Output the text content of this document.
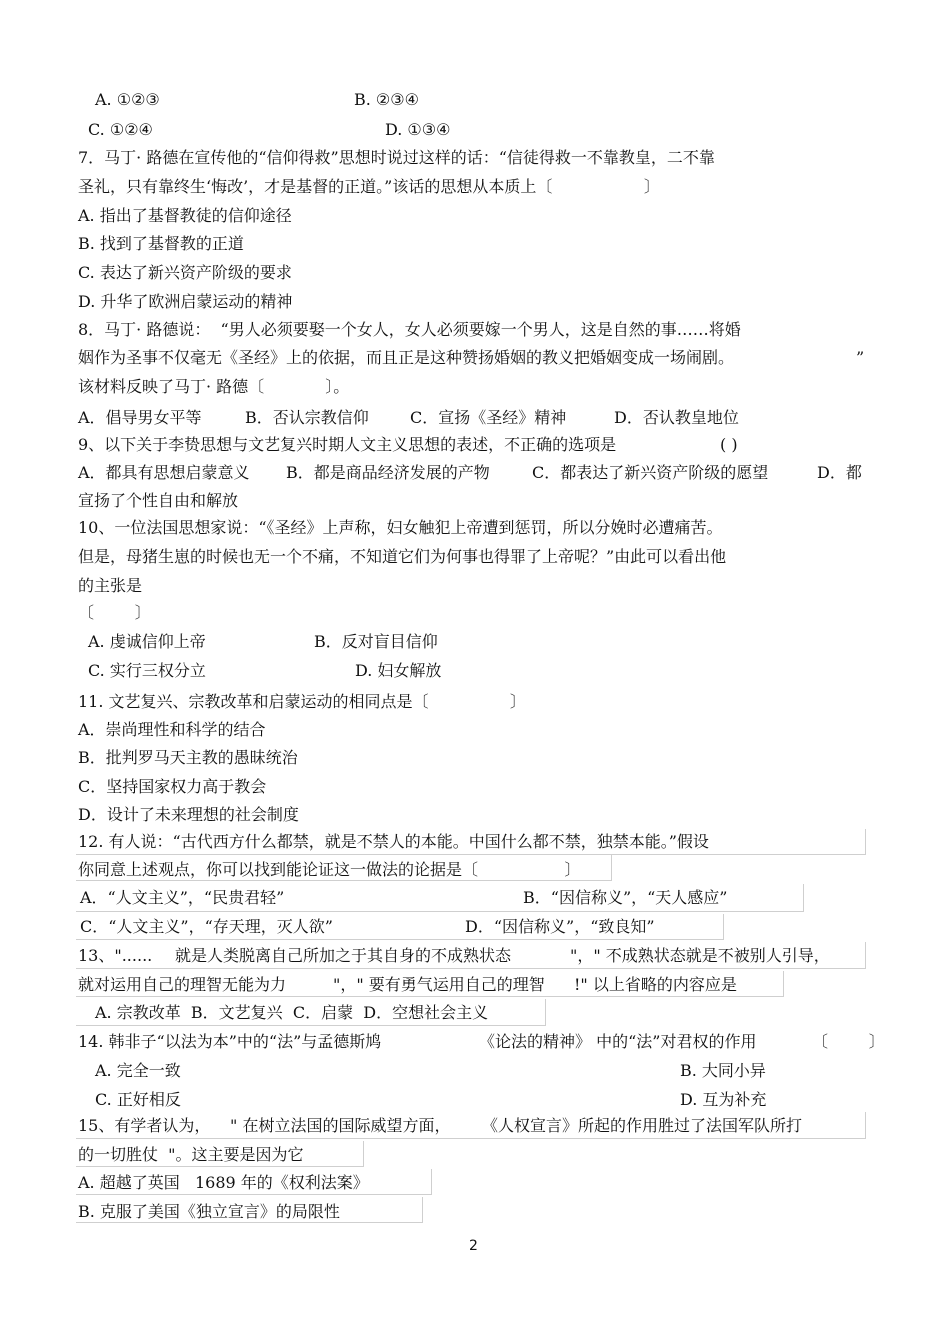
A. ①②③	B. ②③④
C. ①②④	D. ①③④
7．马丁· 路德在宣传他的“信仰得救”思想时说过这样的话：“信徒得救一不靠教皇，二不靠
圣礼，只有靠终生‘悔改’，才是基督的正道。”该话的思想从本质上〔                  〕
A. 指出了基督教徒的信仰途径
B. 找到了基督教的正道
C. 表达了新兴资产阶级的要求
D. 升华了欧洲启蒙运动的精神
8．马丁· 路德说：  “男人必须要娶一个女人，女人必须要嫁一个男人，这是自然的事……将婚
姻作为圣事不仅毫无《圣经》上的依据，而且正是这种赞扬婚姻的教义把婚姻变成一场闹剧。	”
该材料反映了马丁· 路德〔            〕。
A．倡导男女平等	B．否认宗教信仰	C．宣扬《圣经》精神	D．否认教皇地位
9、以下关于李贽思想与文艺复兴时期人文主义思想的表述，不正确的选项是	( )
A．都具有思想启蒙意义 B．都是商品经济发展的产物	C．都表达了新兴资产阶级的愿望	D．都
宣扬了个性自由和解放
10、一位法国思想家说：“《圣经》上声称，妇女触犯上帝遭到惩罚，所以分娩时必遭痛苦。
但是，母猪生崽的时候也无一个不痛，不知道它们为何事也得罪了上帝呢？”由此可以看出他
的主张是
〔        〕
A. 虔诚信仰上帝	B．反对盲目信仰
C. 实行三权分立	D. 妇女解放
11. 文艺复兴、宗教改革和启蒙运动的相同点是〔                〕
A．崇尚理性和科学的结合
B．批判罗马天主教的愚昧统治
C．坚持国家权力高于教会
D．设计了未来理想的社会制度
12. 有人说：“古代西方什么都禁，就是不禁人的本能。中国什么都不禁，独禁本能。”假设
你同意上述观点，你可以找到能论证这一做法的论据是〔                 〕
A．“人文主义”，“民贵君轻”	B．“因信称义”，“天人感应”
C．“人文主义”，“存天理，灭人欲”	D．“因信称义”，“致良知”
13、"...... 就是人类脱离自己所加之于其自身的不成熟状态	"，" 不成熟状态就是不被别人引导，
就对运用自己的理智无能为力	"，" 要有勇气运用自己的理智 !" 以上省略的内容应是
A. 宗教改革  B．文艺复兴  C．启蒙  D．空想社会主义
14. 韩非子“以法为本”中的“法”与孟德斯鸠	《论法的精神》 中的“法”对君权的作用	〔        〕
A. 完全一致	B. 大同小异
C. 正好相反	D. 互为补充
15、有学者认为， " 在树立法国的国际威望方面， 《人权宣言》所起的作用胜过了法国军队所打
的一切胜仗  "。这主要是因为它
A. 超越了英国   1689 年的《权利法案》
B. 克服了美国《独立宣言》的局限性
2
